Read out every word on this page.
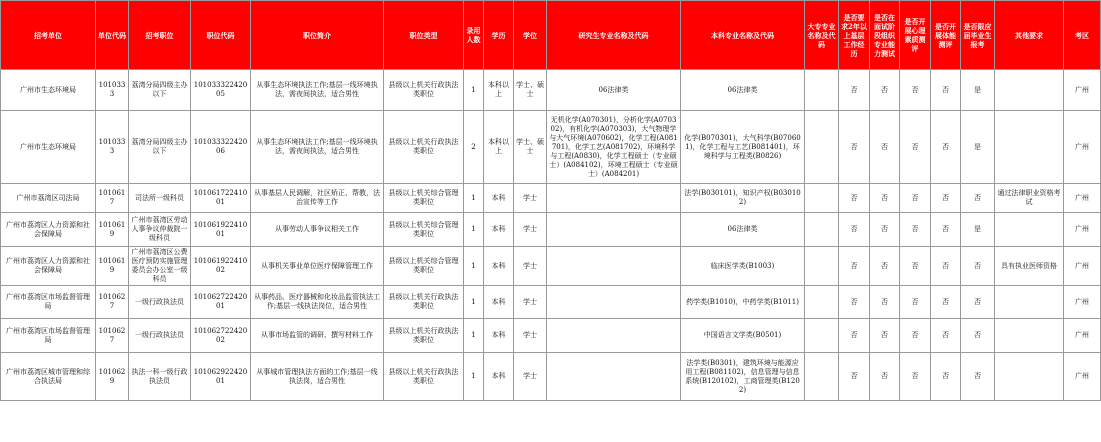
招考单位	单位代码	招考职位	职位代码	职位简介	职位类型	录用人数	学历	学位	研究生专业名称及代码	本科专业名称及代码	大专专业名称及代码	是否要求2年以上基层工作经历	是否在面试阶段组织专业能力测试	是否开展心理素质测评	是否开展体能测评	是否限应届毕业生报考	其他要求	考区
广州市生态环境局	1010333	荔湾分局四级主办以下	10103332242005	从事生态环境执法工作;基层一线环境执法，需夜间执法，适合男性	县级以上机关行政执法类职位	1	本科以上	学士、硕士	06法律类	06法律类		否	否	否	否	是		广州
广州市生态环境局	1010333	荔湾分局四级主办以下	10103332242006	从事生态环境执法工作;基层一线环境执法，需夜间执法，适合男性	县级以上机关行政执法类职位	2	本科以上	学士、硕士	无机化学(A070301)，分析化学(A070302)，有机化学(A070303)，大气物理学与大气环境(A070602)，化学工程(A081701)，化学工艺(A081702)，环境科学与工程(A0830)，化学工程硕士（专业硕士）(A084102)，环境工程硕士（专业硕士）(A084201)	化学(B070301)，大气科学(B070601)，化学工程与工艺(B081401)，环境科学与工程类(B0826)		否	否	否	否	是		广州
广州市荔湾区司法局	1010617	司法所一级科员	10106172241001	从事基层人民调解，社区矫正、帮教，法治宣传等工作	县级以上机关综合管理类职位	1	本科	学士		法学(B030101)，知识产权(B030102)		否	否	否	否	否	通过法律职业资格考试	广州
广州市荔湾区人力资源和社会保障局	1010619	广州市荔湾区劳动人事争议仲裁院一级科员	10106192241001	从事劳动人事争议相关工作	县级以上机关综合管理类职位	1	本科	学士		06法律类		否	否	否	否	是		广州
广州市荔湾区人力资源和社会保障局	1010619	广州市荔湾区公费医疗预防实施管理委员会办公室一级科员	10106192241002	从事机关事业单位医疗保障管理工作	县级以上机关综合管理类职位	1	本科	学士		临床医学类(B1003)		否	否	否	否	否	具有执业医师资格	广州
广州市荔湾区市场监督管理局	1010627	一级行政执法员	10106272242001	从事药品、医疗器械和化妆品监管执法工作;基层一线执法岗位，适合男性	县级以上机关行政执法类职位	1	本科	学士		药学类(B1010)，中药学类(B1011)		否	否	否	否	否		广州
广州市荔湾区市场监督管理局	1010627	一级行政执法员	10106272242002	从事市场监管的调研、撰写材料工作	县级以上机关行政执法类职位	1	本科	学士		中国语言文学类(B0501)		否	否	否	否	否		广州
广州市荔湾区城市管理和综合执法局	1010629	执法一科一级行政执法员	10106292242001	从事城市管理执法方面的工作;基层一线执法岗，适合男性	县级以上机关行政执法类职位	1	本科	学士		法学类(B0301)，建筑环境与能源应用工程(B081102)，信息管理与信息系统(B120102)，工商管理类(B1202)		否	否	否	否	否		广州
